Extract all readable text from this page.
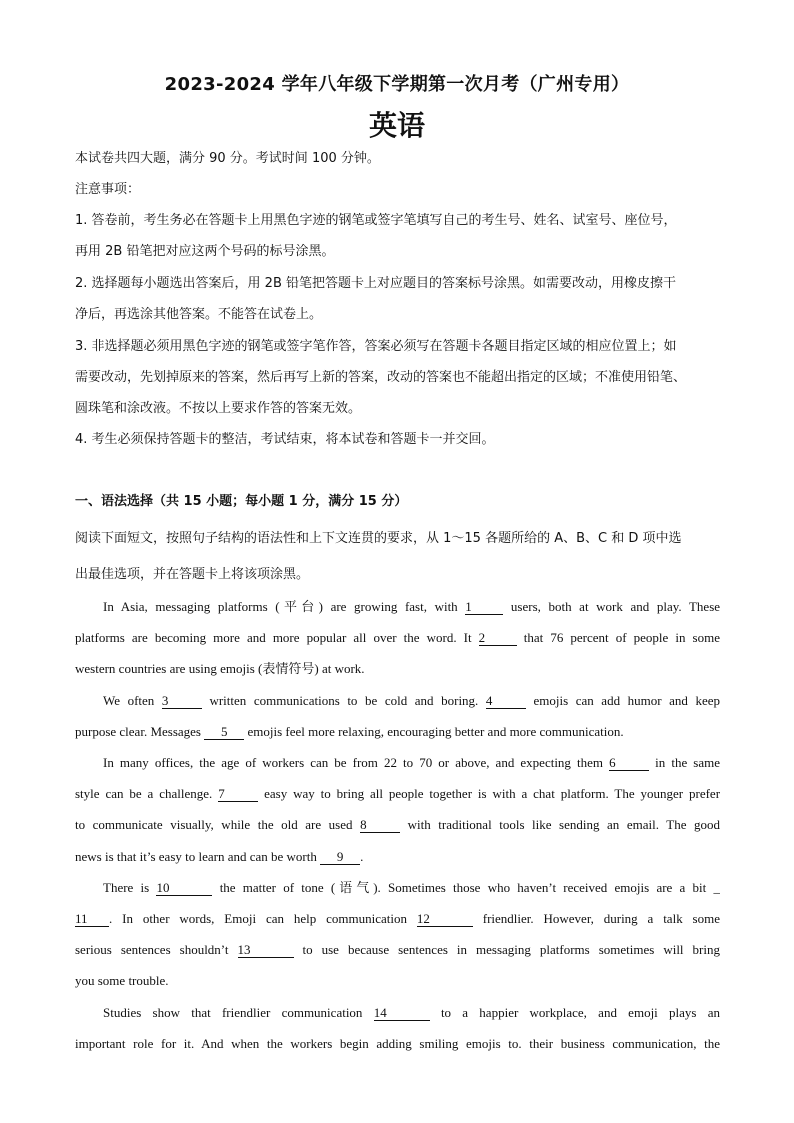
2023-2024 学年八年级下学期第一次月考（广州专用）
英语
本试卷共四大题，满分 90 分。考试时间 100 分钟。
注意事项：
1. 答卷前，考生务必在答题卡上用黑色字迹的钢笔或签字笔填写自己的考生号、姓名、试室号、座位号，
再用 2B 铅笔把对应这两个号码的标号涂黑。
2. 选择题每小题选出答案后，用 2B 铅笔把答题卡上对应题目的答案标号涂黑。如需要改动，用橡皮擦干
净后，再选涂其他答案。不能答在试卷上。
3. 非选择题必须用黑色字迹的钢笔或签字笔作答，答案必须写在答题卡各题目指定区域的相应位置上；如
需要改动，先划掉原来的答案，然后再写上新的答案，改动的答案也不能超出指定的区域；不准使用铅笔、
圆珠笔和涂改液。不按以上要求作答的答案无效。
4. 考生必须保持答题卡的整洁，考试结束，将本试卷和答题卡一并交回。
一、语法选择（共 15 小题；每小题 1 分，满分 15 分）
阅读下面短文，按照句子结构的语法性和上下文连贯的要求，从 1～15 各题所给的 A、B、C 和 D 项中选
出最佳选项，并在答题卡上将该项涂黑。
In Asia, messaging platforms (平台) are growing fast, with 1	users, both at work and play. These
platforms are becoming more and more popular all over the word. It 2	that 76 percent of people in some
western countries are using emojis (表情符号) at work.
We often 3	written communications to be cold and boring. 4	emojis can add humor and keep
purpose clear. Messages 5 emojis feel more relaxing, encouraging better and more communication.
In many offices, the age of workers can be from 22 to 70 or above, and expecting them 6	in the same
style can be a challenge. 7	easy way to bring all people together is with a chat platform. The younger prefer
to communicate visually, while the old are used 8	with traditional tools like sending an email. The good
news is that it’s easy to learn and can be worth 9 .
There is 10	the matter of tone (语气). Sometimes those who haven’t received emojis are a bit _
11 . In other words, Emoji can help communication 12	friendlier. However, during a talk some
serious sentences shouldn’t 13	to use because sentences in messaging platforms sometimes will bring
you some trouble.
Studies show that friendlier communication 14	to a happier workplace, and emoji plays an
important role for it. And when the workers begin adding smiling emojis to. their business communication, the
